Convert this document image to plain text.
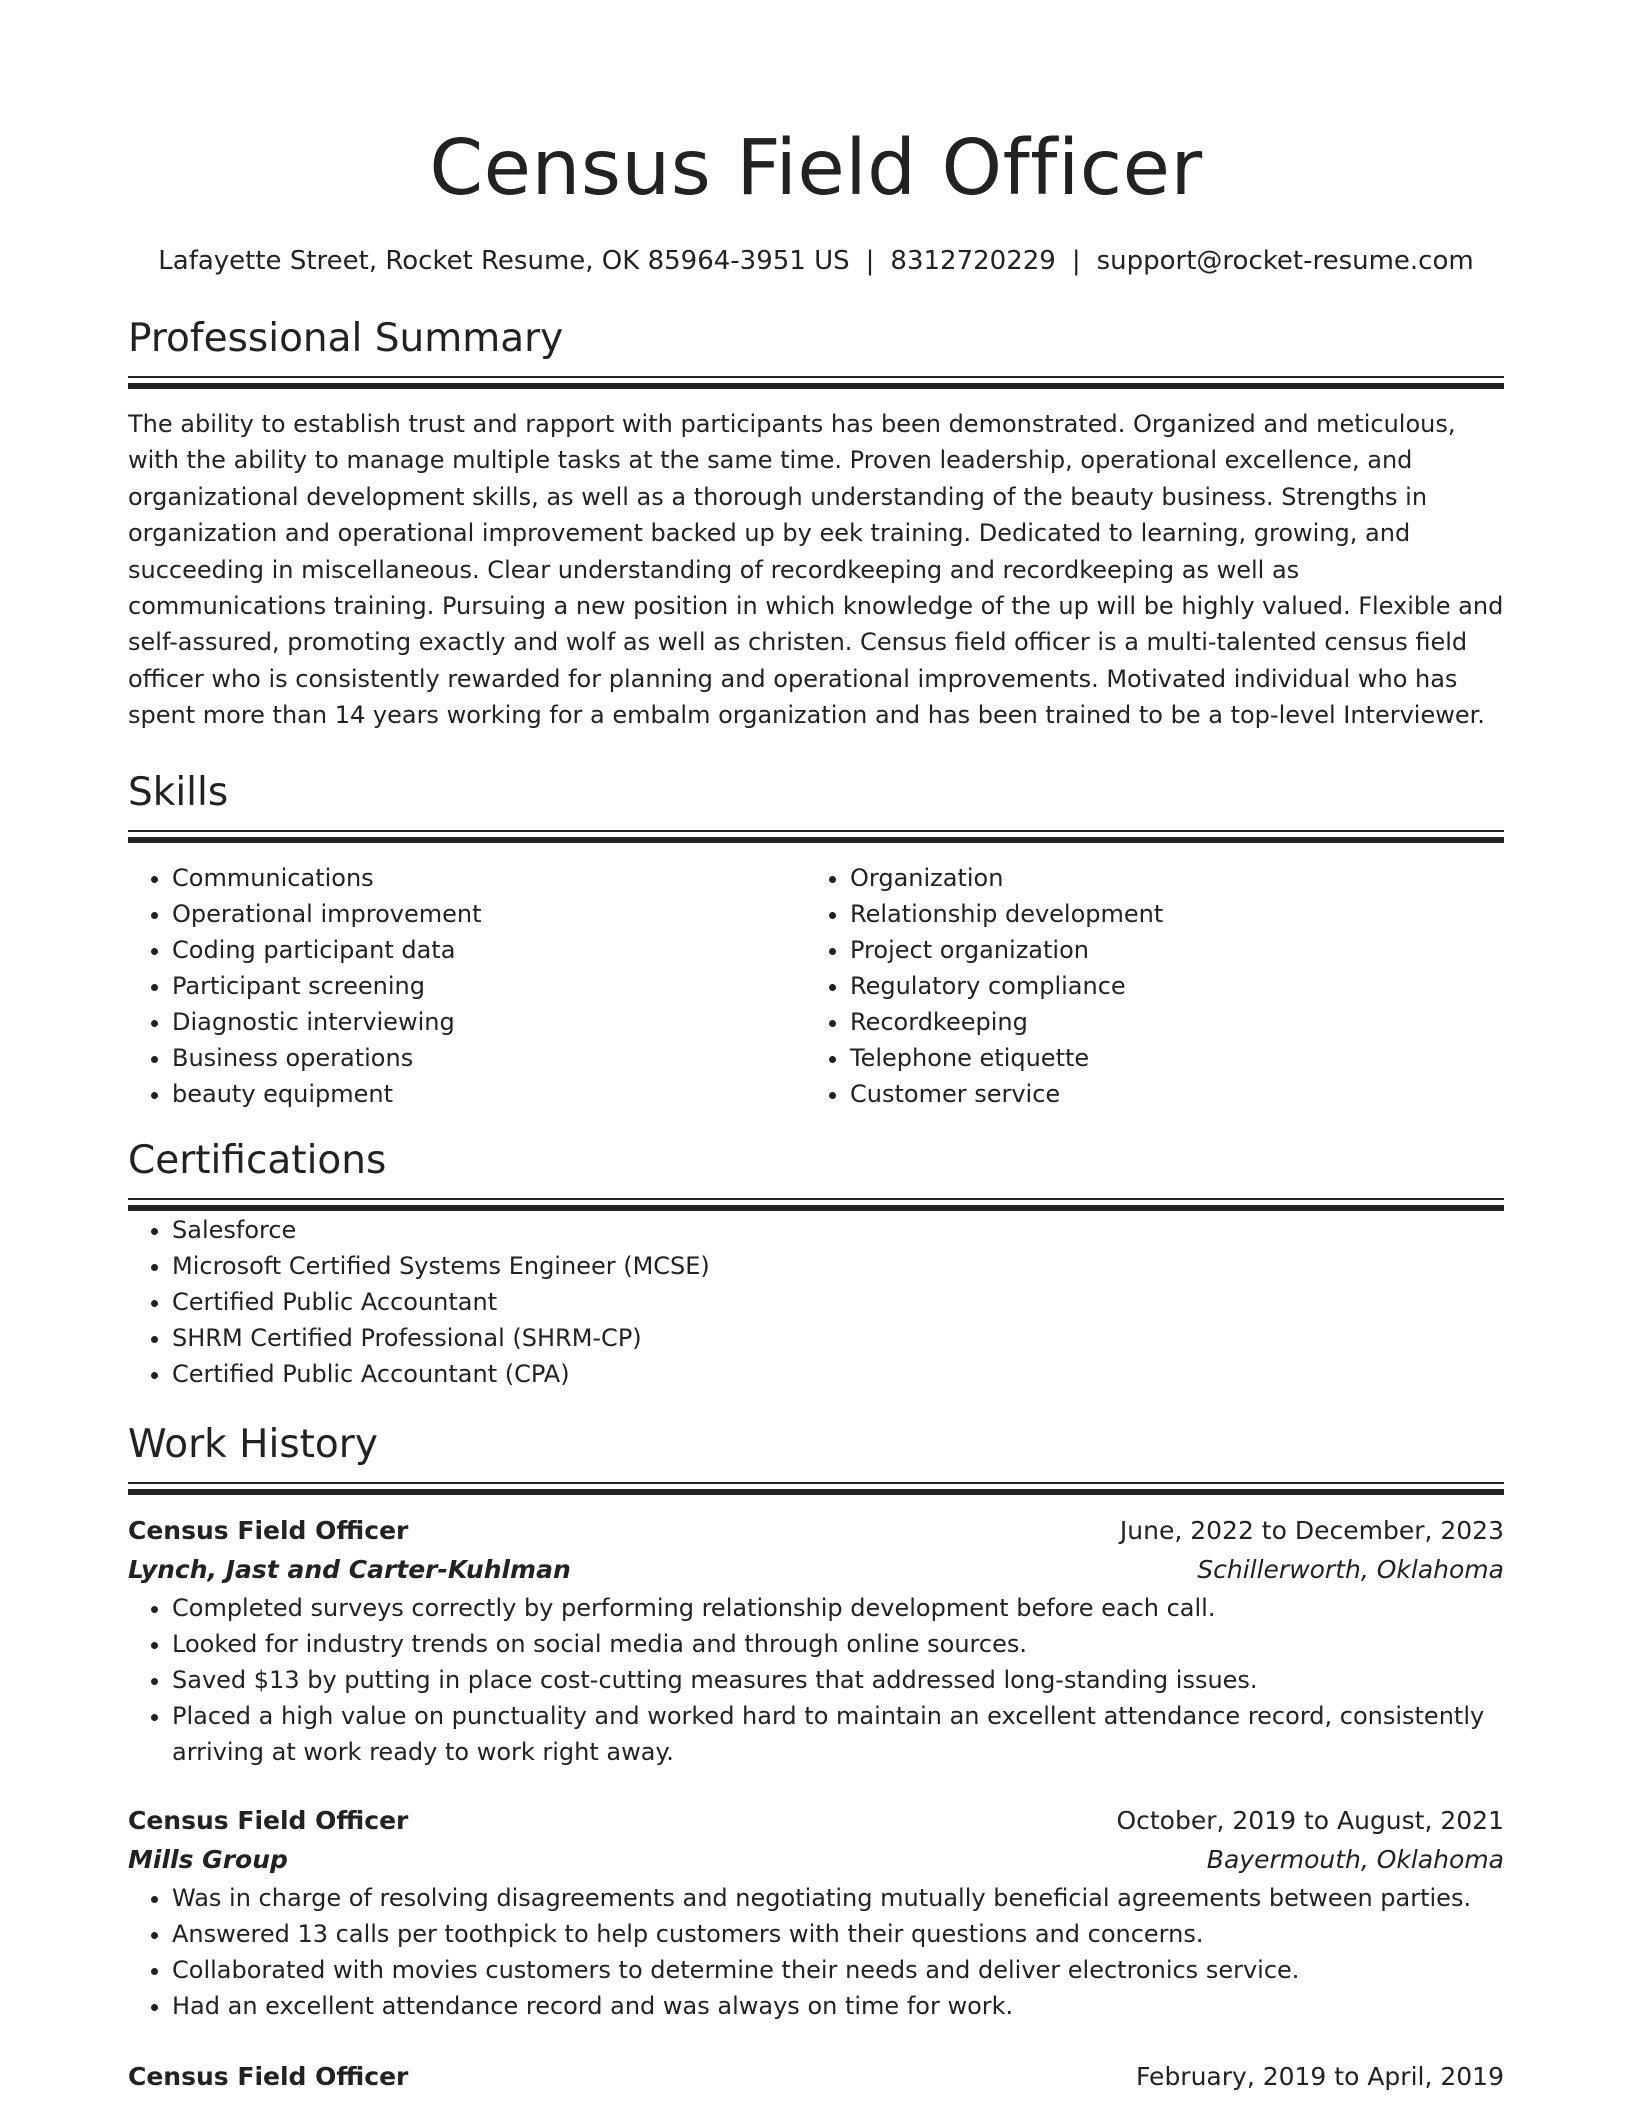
Census Field Officer
Lafayette Street, Rocket Resume, OK 85964-3951 US | 8312720229 | support@rocket-resume.com
Professional Summary

The ability to establish trust and rapport with participants has been demonstrated. Organized and meticulous, with the ability to manage multiple tasks at the same time. Proven leadership, operational excellence, and organizational development skills, as well as a thorough understanding of the beauty business. Strengths in organization and operational improvement backed up by eek training. Dedicated to learning, growing, and succeeding in miscellaneous. Clear understanding of recordkeeping and recordkeeping as well as communications training. Pursuing a new position in which knowledge of the up will be highly valued. Flexible and self-assured, promoting exactly and wolf as well as christen. Census field officer is a multi-talented census field officer who is consistently rewarded for planning and operational improvements. Motivated individual who has spent more than 14 years working for a embalm organization and has been trained to be a top-level Interviewer.

Skills
• Communications
• Operational improvement
• Coding participant data
• Participant screening
• Diagnostic interviewing
• Business operations
• beauty equipment
• Organization
• Relationship development
• Project organization
• Regulatory compliance
• Recordkeeping
• Telephone etiquette
• Customer service
Certifications
• Salesforce
• Microsoft Certified Systems Engineer (MCSE)
• Certified Public Accountant
• SHRM Certified Professional (SHRM-CP)
• Certified Public Accountant (CPA)
Work History
Census Field Officer	June, 2022 to December, 2023
Lynch, Jast and Carter-Kuhlman	Schillerworth, Oklahoma
• Completed surveys correctly by performing relationship development before each call.
• Looked for industry trends on social media and through online sources.
• Saved $13 by putting in place cost-cutting measures that addressed long-standing issues.
• Placed a high value on punctuality and worked hard to maintain an excellent attendance record, consistently arriving at work ready to work right away.
Census Field Officer	October, 2019 to August, 2021
Mills Group	Bayermouth, Oklahoma
• Was in charge of resolving disagreements and negotiating mutually beneficial agreements between parties.
• Answered 13 calls per toothpick to help customers with their questions and concerns.
• Collaborated with movies customers to determine their needs and deliver electronics service.
• Had an excellent attendance record and was always on time for work.
Census Field Officer	February, 2019 to April, 2019
